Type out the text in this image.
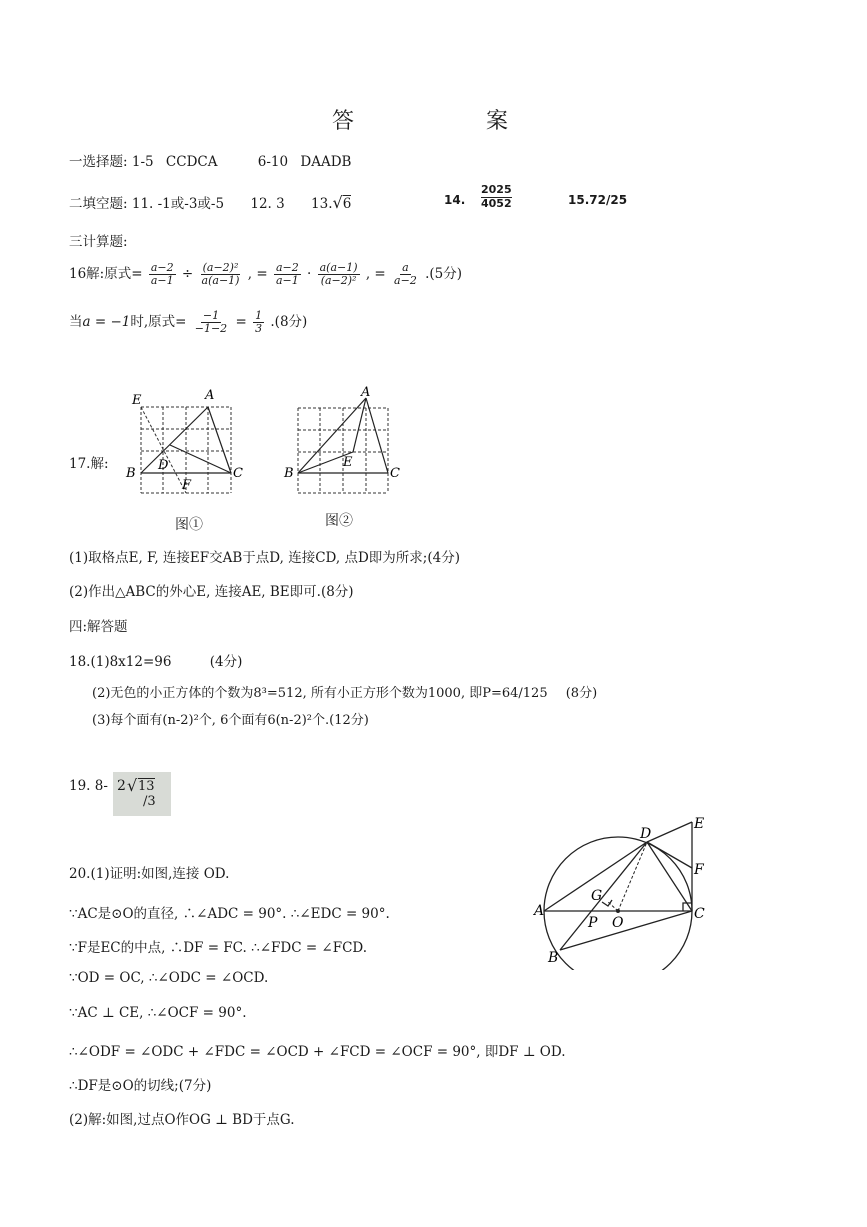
答	案
一选择题: 1-5 CCDCA	6-10 DAADB
二填空题: 11. -1或-3或-5 12. 3 13.√6	14. $\frac{2025}{4052}$	15.72/25
三计算题:
16解:原式= $\frac{a-2}{a-1} \div \frac{\text{(a−2)²}}{a(a-1)}$ , = $\frac{a-2}{a-1} \cdot \frac{a(a-1)}{\text{(a−2)²}}$ , = $\frac{a}{a-2} .(5$分)
当a = −1时,原式= $\frac{-1}{-1-2} = \frac{1}{3} .(8$分)
17.解:
E	A
B	C
D
F
图①
A
B	C
E
图②
(1)取格点E, F, 连接EF交AB于点D, 连接CD, 点D即为所求;(4分)
(2)作出△ABC的外心E, 连接AE, BE即可.(8分)
四:解答题
18.(1)8x12=96	(4分)
(2)无色的小正方体的个数为8³=512, 所有小正方形个数为1000, 即P=64/125 (8分)
(3)每个面有(n-2)²个, 6个面有6(n-2)²个.(12分)
19. 8- 2 √ 13
/3
20.(1)证明:如图,连接 OD.
∵AC是⊙O的直径, ∴∠ADC = 90°. ∴∠EDC = 90°.
∵F是EC的中点, ∴DF = FC. ∴∠FDC = ∠FCD.
∵OD = OC, ∴∠ODC = ∠OCD.
∵AC ⊥ CE, ∴∠OCF = 90°.
∴∠ODF = ∠ODC + ∠FDC = ∠OCD + ∠FCD = ∠OCF = 90°, 即DF ⊥ OD.
∴DF是⊙O的切线;(7分)
(2)解:如图,过点O作OG ⊥ BD于点G.
E
D
F
G
A
P O
C
B
